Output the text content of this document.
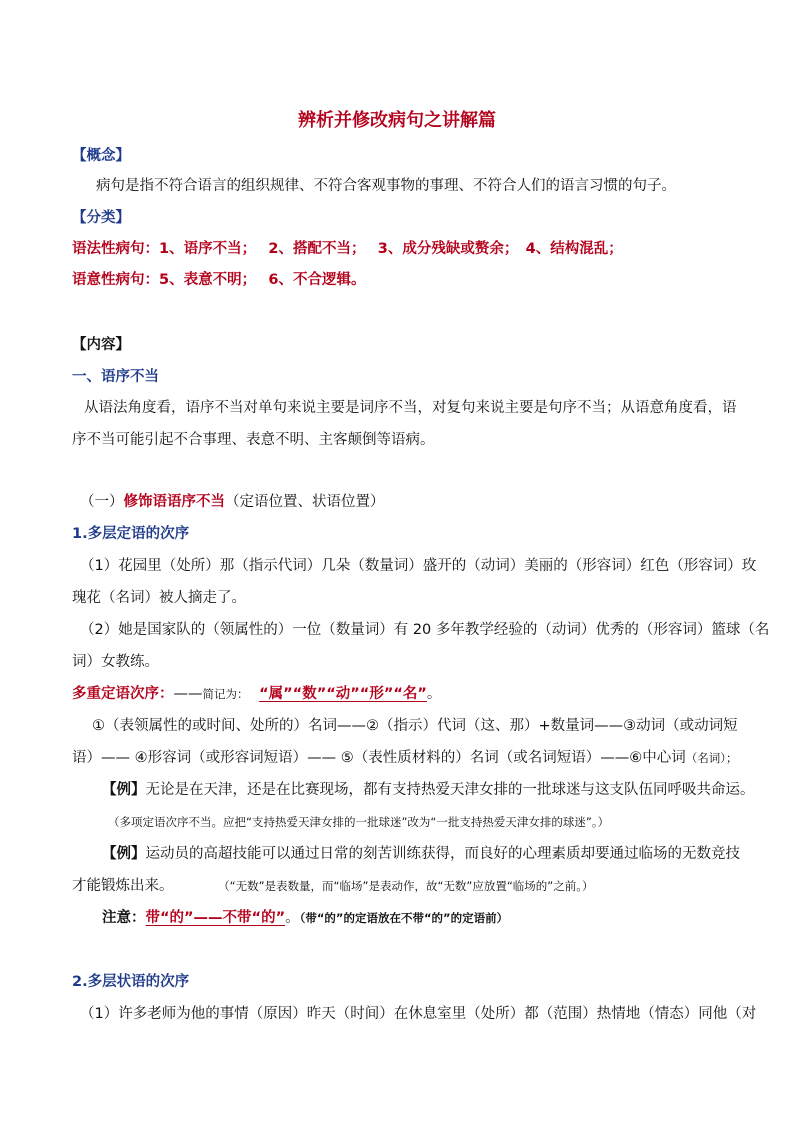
辨析并修改病句之讲解篇
【概念】
病句是指不符合语言的组织规律、不符合客观事物的事理、不符合人们的语言习惯的句子。
【分类】
语法性病句：1、语序不当；　 2、搭配不当；　 3、成分残缺或赘余；　4、结构混乱；
语意性病句：5、表意不明；　 6、不合逻辑。
【内容】
一、语序不当
从语法角度看，语序不当对单句来说主要是词序不当，对复句来说主要是句序不当；从语意角度看，语
序不当可能引起不合事理、表意不明、主客颠倒等语病。
（一）修饰语语序不当（定语位置、状语位置）
1.多层定语的次序
（1）花园里（处所）那（指示代词）几朵（数量词）盛开的（动词）美丽的（形容词）红色（形容词）玫
瑰花（名词）被人摘走了。
（2）她是国家队的（领属性的）一位（数量词）有 20 多年教学经验的（动词）优秀的（形容词）篮球（名
词）女教练。
多重定语次序：——简记为： “属”“数”“动”“形”“名”。
①（表领属性的或时间、处所的）名词——②（指示）代词（这、那）+数量词——③动词（或动词短
语）—— ④形容词（或形容词短语）—— ⑤（表性质材料的）名词（或名词短语）——⑥中心词（名词）；
【例】无论是在天津，还是在比赛现场，都有支持热爱天津女排的一批球迷与这支队伍同呼吸共命运。
（多项定语次序不当。应把“支持热爱天津女排的一批球迷”改为“一批支持热爱天津女排的球迷”。）
【例】运动员的高超技能可以通过日常的刻苦训练获得，而良好的心理素质却要通过临场的无数竞技
才能锻炼出来。	（“无数”是表数量，而“临场”是表动作，故“无数”应放置“临场的”之前。）
注意：带“的”——不带“的”。（带“的”的定语放在不带“的”的定语前）
2.多层状语的次序
（1）许多老师为他的事情（原因）昨天（时间）在休息室里（处所）都（范围）热情地（情态）同他（对
